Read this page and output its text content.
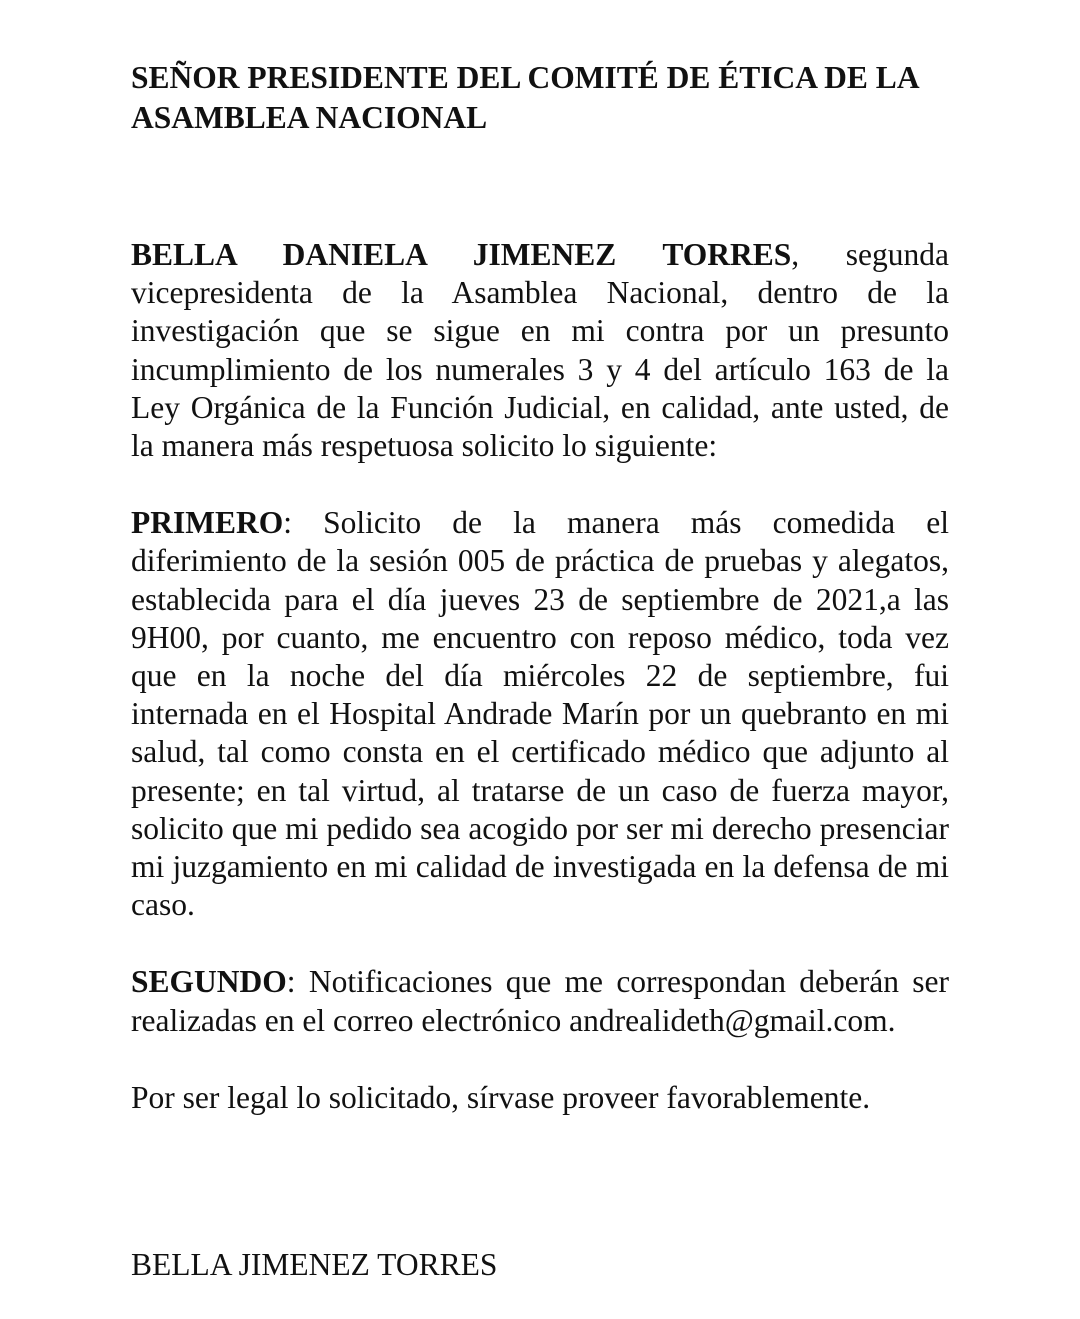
SEÑOR PRESIDENTE DEL COMITÉ DE ÉTICA DE LA ASAMBLEA NACIONAL

BELLA DANIELA JIMENEZ TORRES, segunda vicepresidenta de la Asamblea Nacional, dentro de la investigación que se sigue en mi contra por un presunto incumplimiento de los numerales 3 y 4 del artículo 163 de la Ley Orgánica de la Función Judicial, en calidad, ante usted, de la manera más respetuosa solicito lo siguiente:

PRIMERO: Solicito de la manera más comedida el diferimiento de la sesión 005 de práctica de pruebas y alegatos, establecida para el día jueves 23 de septiembre de 2021,a las 9H00, por cuanto, me encuentro con reposo médico, toda vez que en la noche del día miércoles 22 de septiembre, fui internada en el Hospital Andrade Marín por un quebranto en mi salud, tal como consta en el certificado médico que adjunto al presente; en tal virtud, al tratarse de un caso de fuerza mayor, solicito que mi pedido sea acogido por ser mi derecho presenciar mi juzgamiento en mi calidad de investigada en la defensa de mi caso.

SEGUNDO: Notificaciones que me correspondan deberán ser realizadas en el correo electrónico andrealideth@gmail.com.

Por ser legal lo solicitado, sírvase proveer favorablemente.

BELLA JIMENEZ TORRES
